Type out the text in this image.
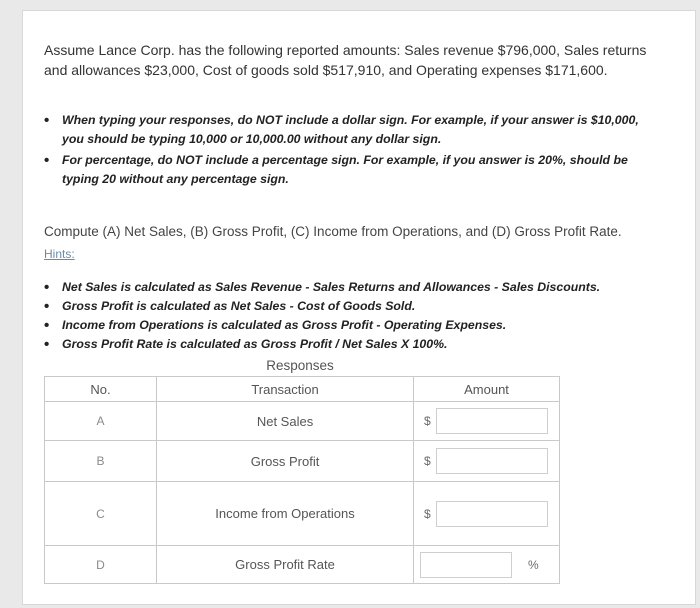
Assume Lance Corp. has the following reported amounts: Sales revenue $796,000, Sales returns and allowances $23,000, Cost of goods sold $517,910, and Operating expenses $171,600.
• When typing your responses, do NOT include a dollar sign. For example, if your answer is $10,000, you should be typing 10,000 or 10,000.00 without any dollar sign.
• For percentage, do NOT include a percentage sign. For example, if you answer is 20%, should be typing 20 without any percentage sign.
Compute (A) Net Sales, (B) Gross Profit, (C) Income from Operations, and (D) Gross Profit Rate.
Hints:
• Net Sales is calculated as Sales Revenue - Sales Returns and Allowances - Sales Discounts.
• Gross Profit is calculated as Net Sales - Cost of Goods Sold.
• Income from Operations is calculated as Gross Profit - Operating Expenses.
• Gross Profit Rate is calculated as Gross Profit / Net Sales X 100%.
Responses
No.	Transaction	Amount
A	Net Sales	$

B	Gross Profit	$

C	Income from Operations	$

D	Gross Profit Rate	%
